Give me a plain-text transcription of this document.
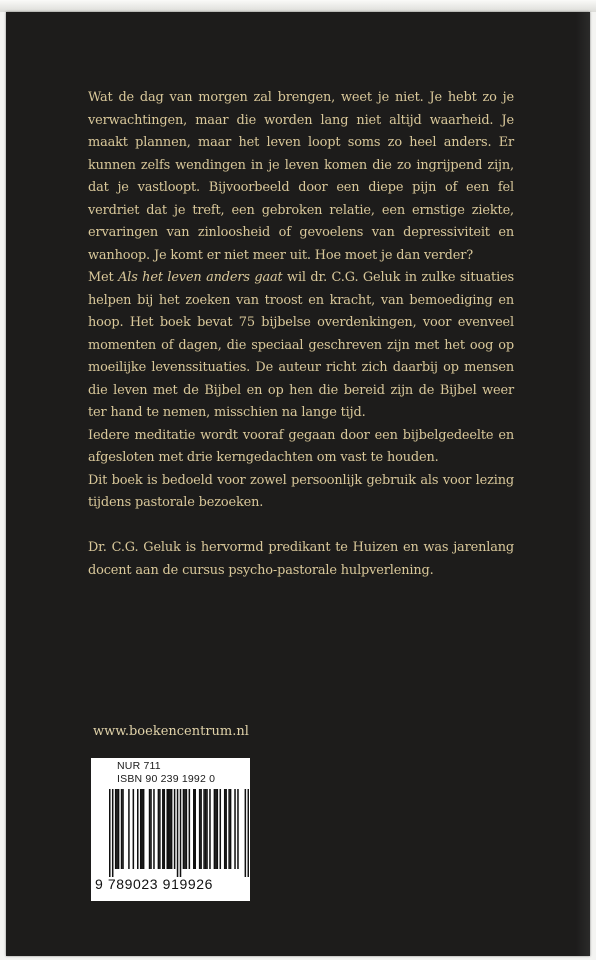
Wat de dag van morgen zal brengen, weet je niet. Je hebt zo je verwachtingen, maar die worden lang niet altijd waarheid. Je maakt plannen, maar het leven loopt soms zo heel anders. Er kunnen zelfs wendingen in je leven komen die zo ingrijpend zijn, dat je vastloopt. Bijvoorbeeld door een diepe pijn of een fel verdriet dat je treft, een gebroken relatie, een ernstige ziekte, ervaringen van zinloosheid of gevoelens van depressiviteit en wanhoop. Je komt er niet meer uit. Hoe moet je dan verder?

Met Als het leven anders gaat wil dr. C.G. Geluk in zulke situaties helpen bij het zoeken van troost en kracht, van bemoediging en hoop. Het boek bevat 75 bijbelse overdenkingen, voor evenveel momenten of dagen, die speciaal geschreven zijn met het oog op moeilijke levenssituaties. De auteur richt zich daarbij op mensen die leven met de Bijbel en op hen die bereid zijn de Bijbel weer ter hand te nemen, misschien na lange tijd.

Iedere meditatie wordt vooraf gegaan door een bijbelgedeelte en afgesloten met drie kerngedachten om vast te houden.

Dit boek is bedoeld voor zowel persoonlijk gebruik als voor lezing tijdens pastorale bezoeken.

Dr. C.G. Geluk is hervormd predikant te Huizen en was jarenlang docent aan de cursus psycho-pastorale hulpverlening.

www.boekencentrum.nl
NUR 711
ISBN 90 239 1992 0
9 789023 919926
